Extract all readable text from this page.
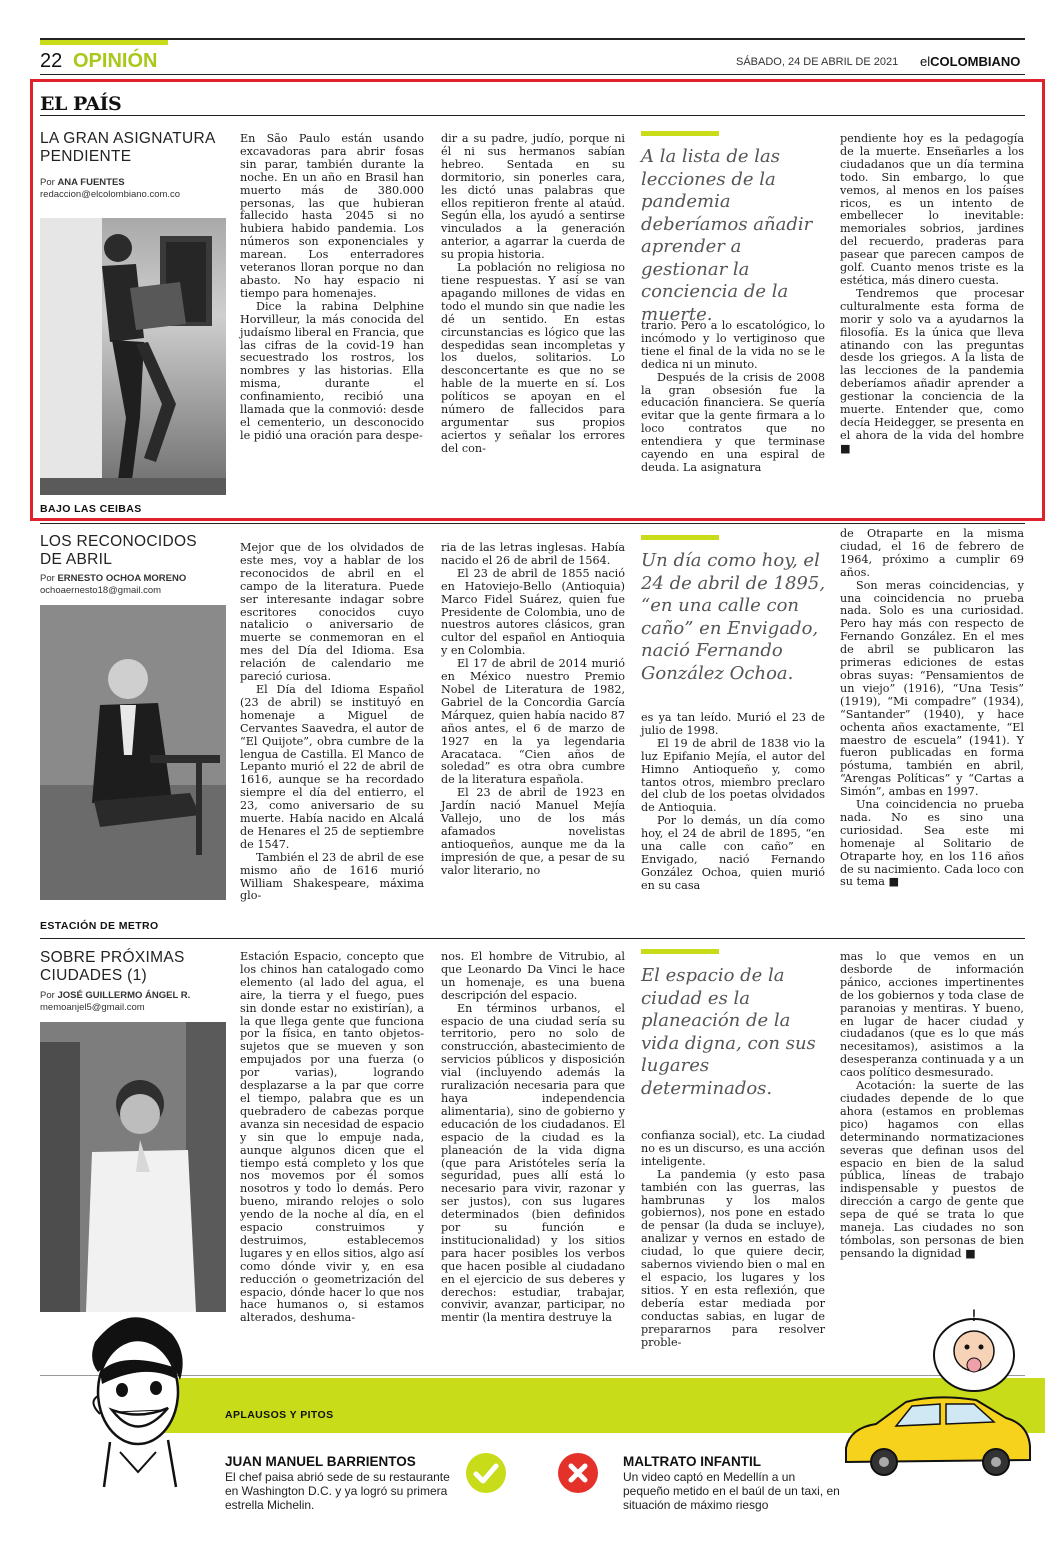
22 OPINIÓN	SÁBADO, 24 DE ABRIL DE 2021 elCOLOMBIANO
EL PAÍS
LA GRAN ASIGNATURA
PENDIENTE
Por ANA FUENTES
redaccion@elcolombiano.com.co

En São Paulo están usando excavadoras para abrir fosas sin parar, también durante la noche. En un año en Brasil han muerto más de 380.000 personas, las que hubieran fallecido hasta 2045 si no hubiera habido pandemia. Los números son exponenciales y marean. Los enterradores veteranos lloran porque no dan abasto. No hay espacio ni tiempo para homenajes.

Dice la rabina Delphine Horvilleur, la más conocida del judaísmo liberal en Francia, que las cifras de la covid-19 han secuestrado los rostros, los nombres y las historias. Ella misma, durante el confinamiento, recibió una llamada que la conmovió: desde el cementerio, un desconocido le pidió una oración para despe-

dir a su padre, judío, porque ni él ni sus hermanos sabían hebreo. Sentada en su dormitorio, sin ponerles cara, les dictó unas palabras que ellos repitieron frente al ataúd. Según ella, los ayudó a sentirse vinculados a la generación anterior, a agarrar la cuerda de su propia historia.

La población no religiosa no tiene respuestas. Y así se van apagando millones de vidas en todo el mundo sin que nadie les dé un sentido. En estas circunstancias es lógico que las despedidas sean incompletas y los duelos, solitarios. Lo desconcertante es que no se hable de la muerte en sí. Los políticos se apoyan en el número de fallecidos para argumentar sus propios aciertos y señalar los errores del con-

A la lista de las lecciones de la pandemia deberíamos añadir aprender a gestionar la conciencia de la muerte.

trario. Pero a lo escatológico, lo incómodo y lo vertiginoso que tiene el final de la vida no se le dedica ni un minuto.

Después de la crisis de 2008 la gran obsesión fue la educación financiera. Se quería evitar que la gente firmara a lo loco contratos que no entendiera y que terminase cayendo en una espiral de deuda. La asignatura

pendiente hoy es la pedagogía de la muerte. Enseñarles a los ciudadanos que un día termina todo. Sin embargo, lo que vemos, al menos en los países ricos, es un intento de embellecer lo inevitable: memoriales sobrios, jardines del recuerdo, praderas para pasear que parecen campos de golf. Cuanto menos triste es la estética, más dinero cuesta.

Tendremos que procesar culturalmente esta forma de morir y solo va a ayudarnos la filosofía. Es la única que lleva atinando con las preguntas desde los griegos. A la lista de las lecciones de la pandemia deberíamos añadir aprender a gestionar la conciencia de la muerte. Entender que, como decía Heidegger, se presenta en el ahora de la vida del hombre ■

BAJO LAS CEIBAS
LOS RECONOCIDOS
DE ABRIL
Por ERNESTO OCHOA MORENO
ochoaernesto18@gmail.com

Mejor que de los olvidados de este mes, voy a hablar de los reconocidos de abril en el campo de la literatura. Puede ser interesante indagar sobre escritores conocidos cuyo natalicio o aniversario de muerte se conmemoran en el mes del Día del Idioma. Esa relación de calendario me pareció curiosa.

El Día del Idioma Español (23 de abril) se instituyó en homenaje a Miguel de Cervantes Saavedra, el autor de “El Quijote”, obra cumbre de la lengua de Castilla. El Manco de Lepanto murió el 22 de abril de 1616, aunque se ha recordado siempre el día del entierro, el 23, como aniversario de su muerte. Había nacido en Alcalá de Henares el 25 de septiembre de 1547.

También el 23 de abril de ese mismo año de 1616 murió William Shakespeare, máxima glo-

ria de las letras inglesas. Había nacido el 26 de abril de 1564.

El 23 de abril de 1855 nació en Hatoviejo-Bello (Antioquia) Marco Fidel Suárez, quien fue Presidente de Colombia, uno de nuestros autores clásicos, gran cultor del español en Antioquia y en Colombia.

El 17 de abril de 2014 murió en México nuestro Premio Nobel de Literatura de 1982, Gabriel de la Concordia García Márquez, quien había nacido 87 años antes, el 6 de marzo de 1927 en la ya legendaria Aracataca. “Cien años de soledad” es otra obra cumbre de la literatura española.

El 23 de abril de 1923 en Jardín nació Manuel Mejía Vallejo, uno de los más afamados novelistas antioqueños, aunque me da la impresión de que, a pesar de su valor literario, no

Un día como hoy, el 24 de abril de 1895, “en una calle con caño” en Envigado, nació Fernando González Ochoa.

es ya tan leído. Murió el 23 de julio de 1998.

El 19 de abril de 1838 vio la luz Epifanio Mejía, el autor del Himno Antioqueño y, como tantos otros, miembro preclaro del club de los poetas olvidados de Antioquia.

Por lo demás, un día como hoy, el 24 de abril de 1895, “en una calle con caño” en Envigado, nació Fernando González Ochoa, quien murió en su casa

de Otraparte en la misma ciudad, el 16 de febrero de 1964, próximo a cumplir 69 años.

Son meras coincidencias, y una coincidencia no prueba nada. Solo es una curiosidad. Pero hay más con respecto de Fernando González. En el mes de abril se publicaron las primeras ediciones de estas obras suyas: “Pensamientos de un viejo” (1916), “Una Tesis” (1919), “Mi compadre” (1934), “Santander” (1940), y hace ochenta años exactamente, “El maestro de escuela” (1941). Y fueron publicadas en forma póstuma, también en abril, “Arengas Políticas” y “Cartas a Simón”, ambas en 1997.

Una coincidencia no prueba nada. No es sino una curiosidad. Sea este mi homenaje al Solitario de Otraparte hoy, en los 116 años de su nacimiento. Cada loco con su tema ■

ESTACIÓN DE METRO
SOBRE PRÓXIMAS
CIUDADES (1)
Por JOSÉ GUILLERMO ÁNGEL R.
memoanjel5@gmail.com

Estación Espacio, concepto que los chinos han catalogado como elemento (al lado del agua, el aire, la tierra y el fuego, pues sin donde estar no existirían), a la que llega gente que funciona por la física, en tanto objetos-sujetos que se mueven y son empujados por una fuerza (o por varias), logrando desplazarse a la par que corre el tiempo, palabra que es un quebradero de cabezas porque avanza sin necesidad de espacio y sin que lo empuje nada, aunque algunos dicen que el tiempo está completo y los que nos movemos por él somos nosotros y todo lo demás. Pero bueno, mirando relojes o solo yendo de la noche al día, en el espacio construimos y destruimos, establecemos lugares y en ellos sitios, algo así como dónde vivir y, en esa reducción o geometrización del espacio, dónde hacer lo que nos hace humanos o, si estamos alterados, deshuma-

nos. El hombre de Vitrubio, al que Leonardo Da Vinci le hace un homenaje, es una buena descripción del espacio.

En términos urbanos, el espacio de una ciudad sería su territorio, pero no solo de construcción, abastecimiento de servicios públicos y disposición vial (incluyendo además la ruralización necesaria para que haya independencia alimentaria), sino de gobierno y educación de los ciudadanos. El espacio de la ciudad es la planeación de la vida digna (que para Aristóteles sería la seguridad, pues allí está lo necesario para vivir, razonar y ser justos), con sus lugares determinados (bien definidos por su función e institucionalidad) y los sitios para hacer posibles los verbos que hacen posible al ciudadano en el ejercicio de sus deberes y derechos: estudiar, trabajar, convivir, avanzar, participar, no mentir (la mentira destruye la

El espacio de la ciudad es la planeación de la vida digna, con sus lugares determinados.

confianza social), etc. La ciudad no es un discurso, es una acción inteligente.

La pandemia (y esto pasa también con las guerras, las hambrunas y los malos gobiernos), nos pone en estado de pensar (la duda se incluye), analizar y vernos en estado de ciudad, lo que quiere decir, sabernos viviendo bien o mal en el espacio, los lugares y los sitios. Y en esta reflexión, que debería estar mediada por conductas sabias, en lugar de prepararnos para resolver proble-

mas lo que vemos en un desborde de información pánico, acciones impertinentes de los gobiernos y toda clase de paranoias y mentiras. Y bueno, en lugar de hacer ciudad y ciudadanos (que es lo que más necesitamos), asistimos a la desesperanza continuada y a un caos político desmesurado.

Acotación: la suerte de las ciudades depende de lo que ahora (estamos en problemas pico) hagamos con ellas determinando normatizaciones severas que definan usos del espacio en bien de la salud pública, líneas de trabajo indispensable y puestos de dirección a cargo de gente que sepa de qué se trata lo que maneja. Las ciudades no son tómbolas, son personas de bien pensando la dignidad ■

APLAUSOS Y PITOS
!
JUAN MANUEL BARRIENTOS
El chef paisa abrió sede de su restaurante en Washington D.C. y ya logró su primera estrella Michelin.
MALTRATO INFANTIL
Un video captó en Medellín a un pequeño metido en el baúl de un taxi, en situación de máximo riesgo
